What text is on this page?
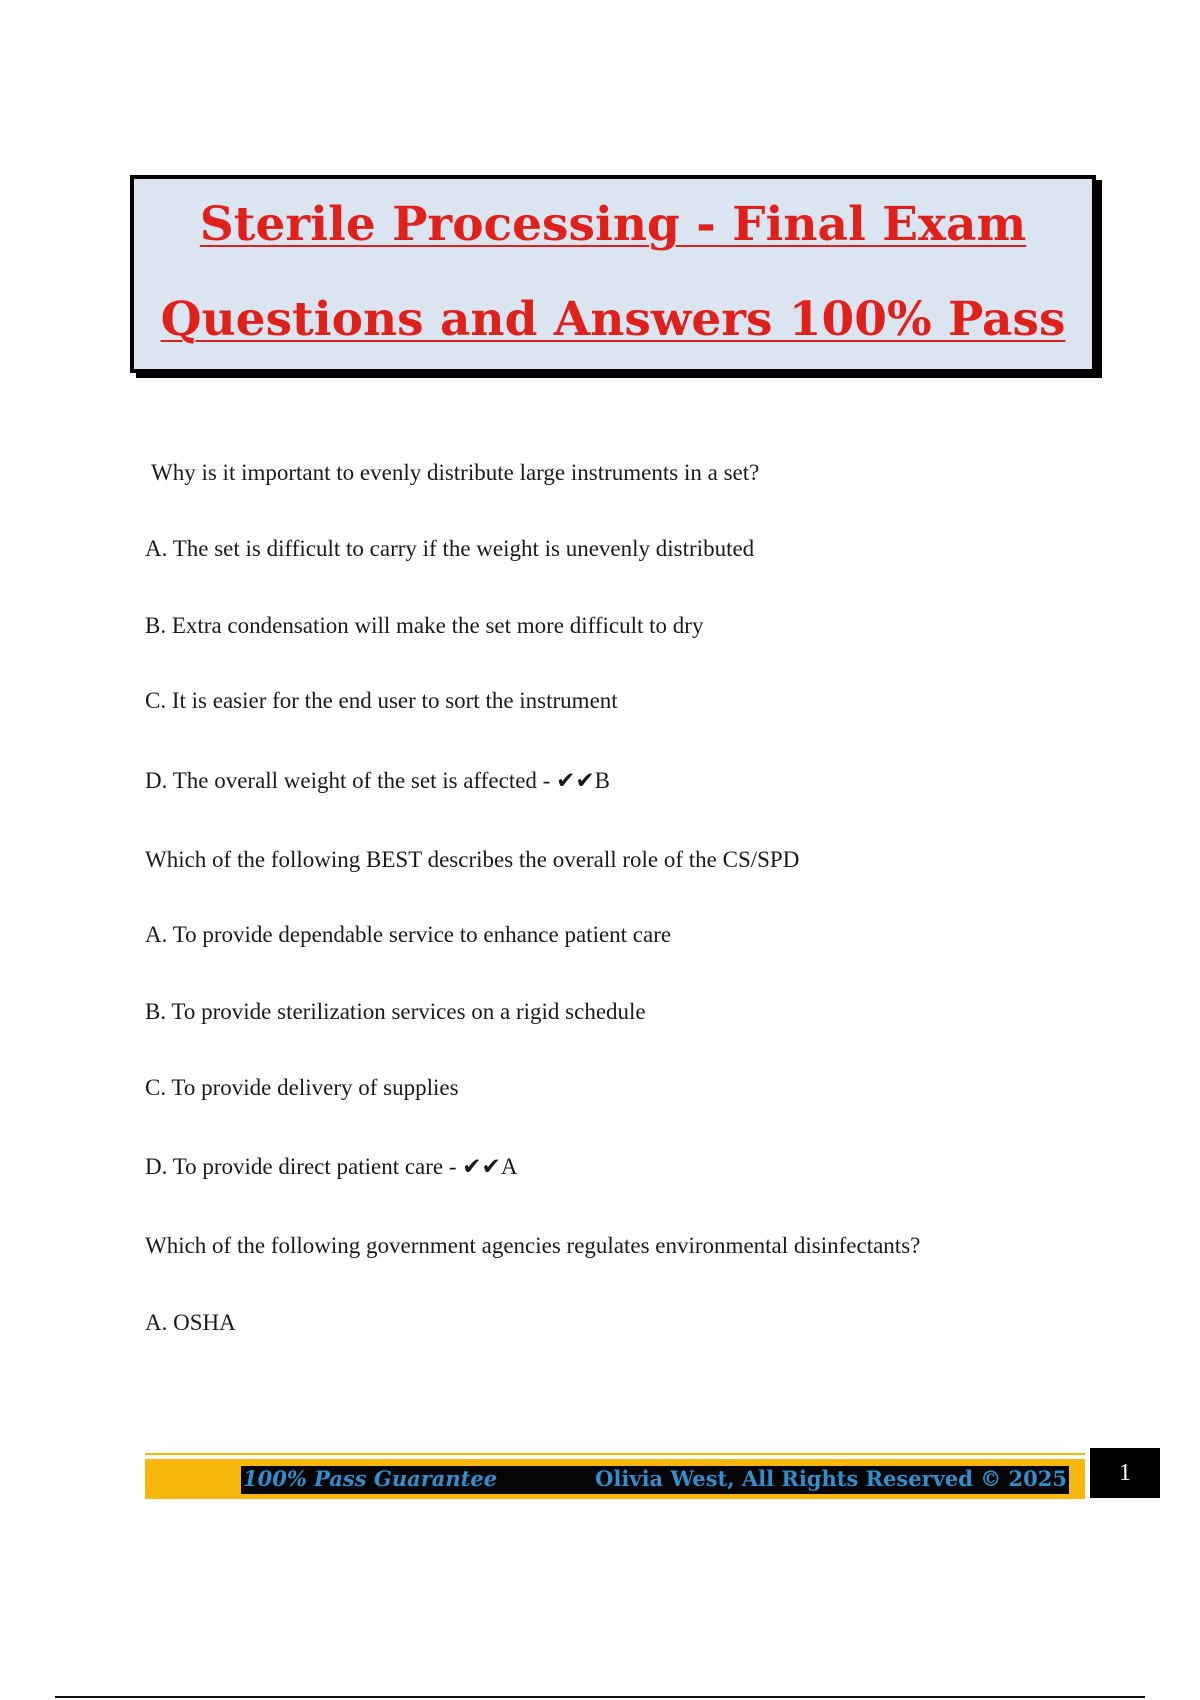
Sterile Processing - Final Exam
Questions and Answers 100% Pass
Why is it important to evenly distribute large instruments in a set?
A. The set is difficult to carry if the weight is unevenly distributed
B. Extra condensation will make the set more difficult to dry
C. It is easier for the end user to sort the instrument
D. The overall weight of the set is affected - ✔✔B
Which of the following BEST describes the overall role of the CS/SPD
A. To provide dependable service to enhance patient care
B. To provide sterilization services on a rigid schedule
C. To provide delivery of supplies
D. To provide direct patient care - ✔✔A
Which of the following government agencies regulates environmental disinfectants?
A. OSHA
100% Pass Guarantee	Olivia West, All Rights Reserved © 2025	1
